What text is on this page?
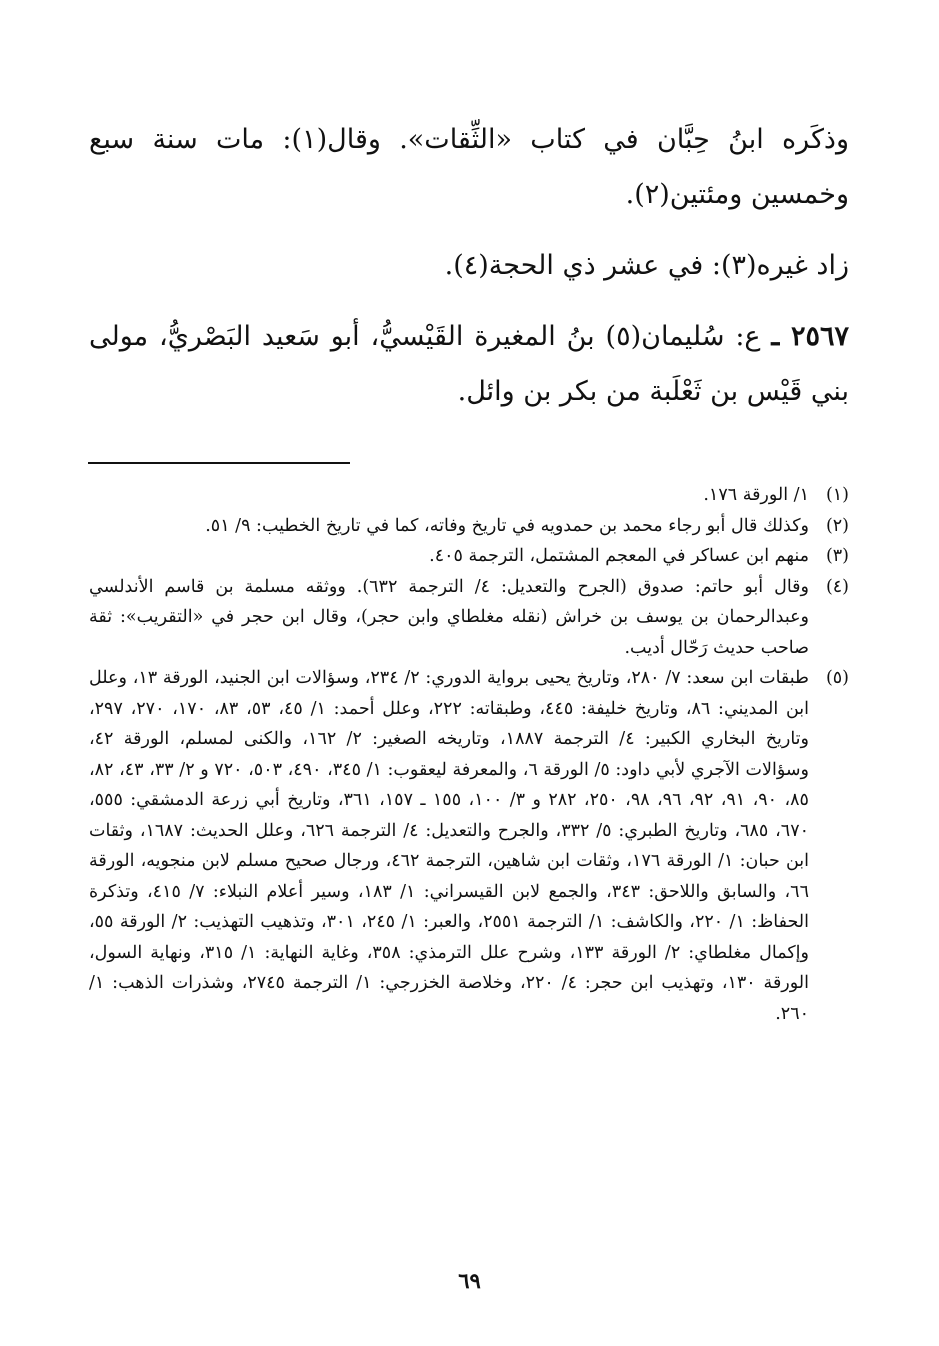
وذكَره ابنُ حِبَّان في كتاب «الثِّقات». وقال(١): مات سنة سبع وخمسين ومئتين(٢).

زاد غيره(٣): في عشر ذي الحجة(٤).

٢٥٦٧ ـ ع: سُليمان(٥) بنُ المغيرة القَيْسيُّ، أبو سَعيد البَصْريُّ، مولى بني قَيْس بن ثَعْلَبة من بكر بن وائل.

(١)
١/ الورقة ١٧٦.
(٢)
وكذلك قال أبو رجاء محمد بن حمدويه في تاريخ وفاته، كما في تاريخ الخطيب: ٩/ ٥١.
(٣)
منهم ابن عساكر في المعجم المشتمل، الترجمة ٤٠٥.
(٤)
وقال أبو حاتم: صدوق (الجرح والتعديل: ٤/ الترجمة ٦٣٢). ووثقه مسلمة بن قاسم الأندلسي وعبدالرحمان بن يوسف بن خراش (نقله مغلطاي وابن حجر)، وقال ابن حجر في «التقريب»: ثقة صاحب حديث رَحّال أديب.
(٥)
طبقات ابن سعد: ٧/ ٢٨٠، وتاريخ يحيى برواية الدوري: ٢/ ٢٣٤، وسؤالات ابن الجنيد، الورقة ١٣، وعلل ابن المديني: ٨٦، وتاريخ خليفة: ٤٤٥، وطبقاته: ٢٢٢، وعلل أحمد: ١/ ٤٥، ٥٣، ٨٣، ١٧٠، ٢٧٠، ٢٩٧، وتاريخ البخاري الكبير: ٤/ الترجمة ١٨٨٧، وتاريخه الصغير: ٢/ ١٦٢، والكنى لمسلم، الورقة ٤٢، وسؤالات الآجري لأبي داود: ٥/ الورقة ٦، والمعرفة ليعقوب: ١/ ٣٤٥، ٤٩٠، ٥٠٣، ٧٢٠ و ٢/ ٣٣، ٤٣، ٨٢، ٨٥، ٩٠، ٩١، ٩٢، ٩٦، ٩٨، ٢٥٠، ٢٨٢ و ٣/ ١٠٠، ١٥٥ ـ ١٥٧، ٣٦١، وتاريخ أبي زرعة الدمشقي: ٥٥٥، ٦٧٠، ٦٨٥، وتاريخ الطبري: ٥/ ٣٣٢، والجرح والتعديل: ٤/ الترجمة ٦٢٦، وعلل الحديث: ١٦٨٧، وثقات ابن حبان: ١/ الورقة ١٧٦، وثقات ابن شاهين، الترجمة ٤٦٢، ورجال صحيح مسلم لابن منجويه، الورقة ٦٦، والسابق واللاحق: ٣٤٣، والجمع لابن القيسراني: ١/ ١٨٣، وسير أعلام النبلاء: ٧/ ٤١٥، وتذكرة الحفاظ: ١/ ٢٢٠، والكاشف: ١/ الترجمة ٢٥٥١، والعبر: ١/ ٢٤٥، ٣٠١، وتذهيب التهذيب: ٢/ الورقة ٥٥، وإكمال مغلطاي: ٢/ الورقة ١٣٣، وشرح علل الترمذي: ٣٥٨، وغاية النهاية: ١/ ٣١٥، ونهاية السول، الورقة ١٣٠، وتهذيب ابن حجر: ٤/ ٢٢٠، وخلاصة الخزرجي: ١/ الترجمة ٢٧٤٥، وشذرات الذهب: ١/ ٢٦٠.
٦٩
